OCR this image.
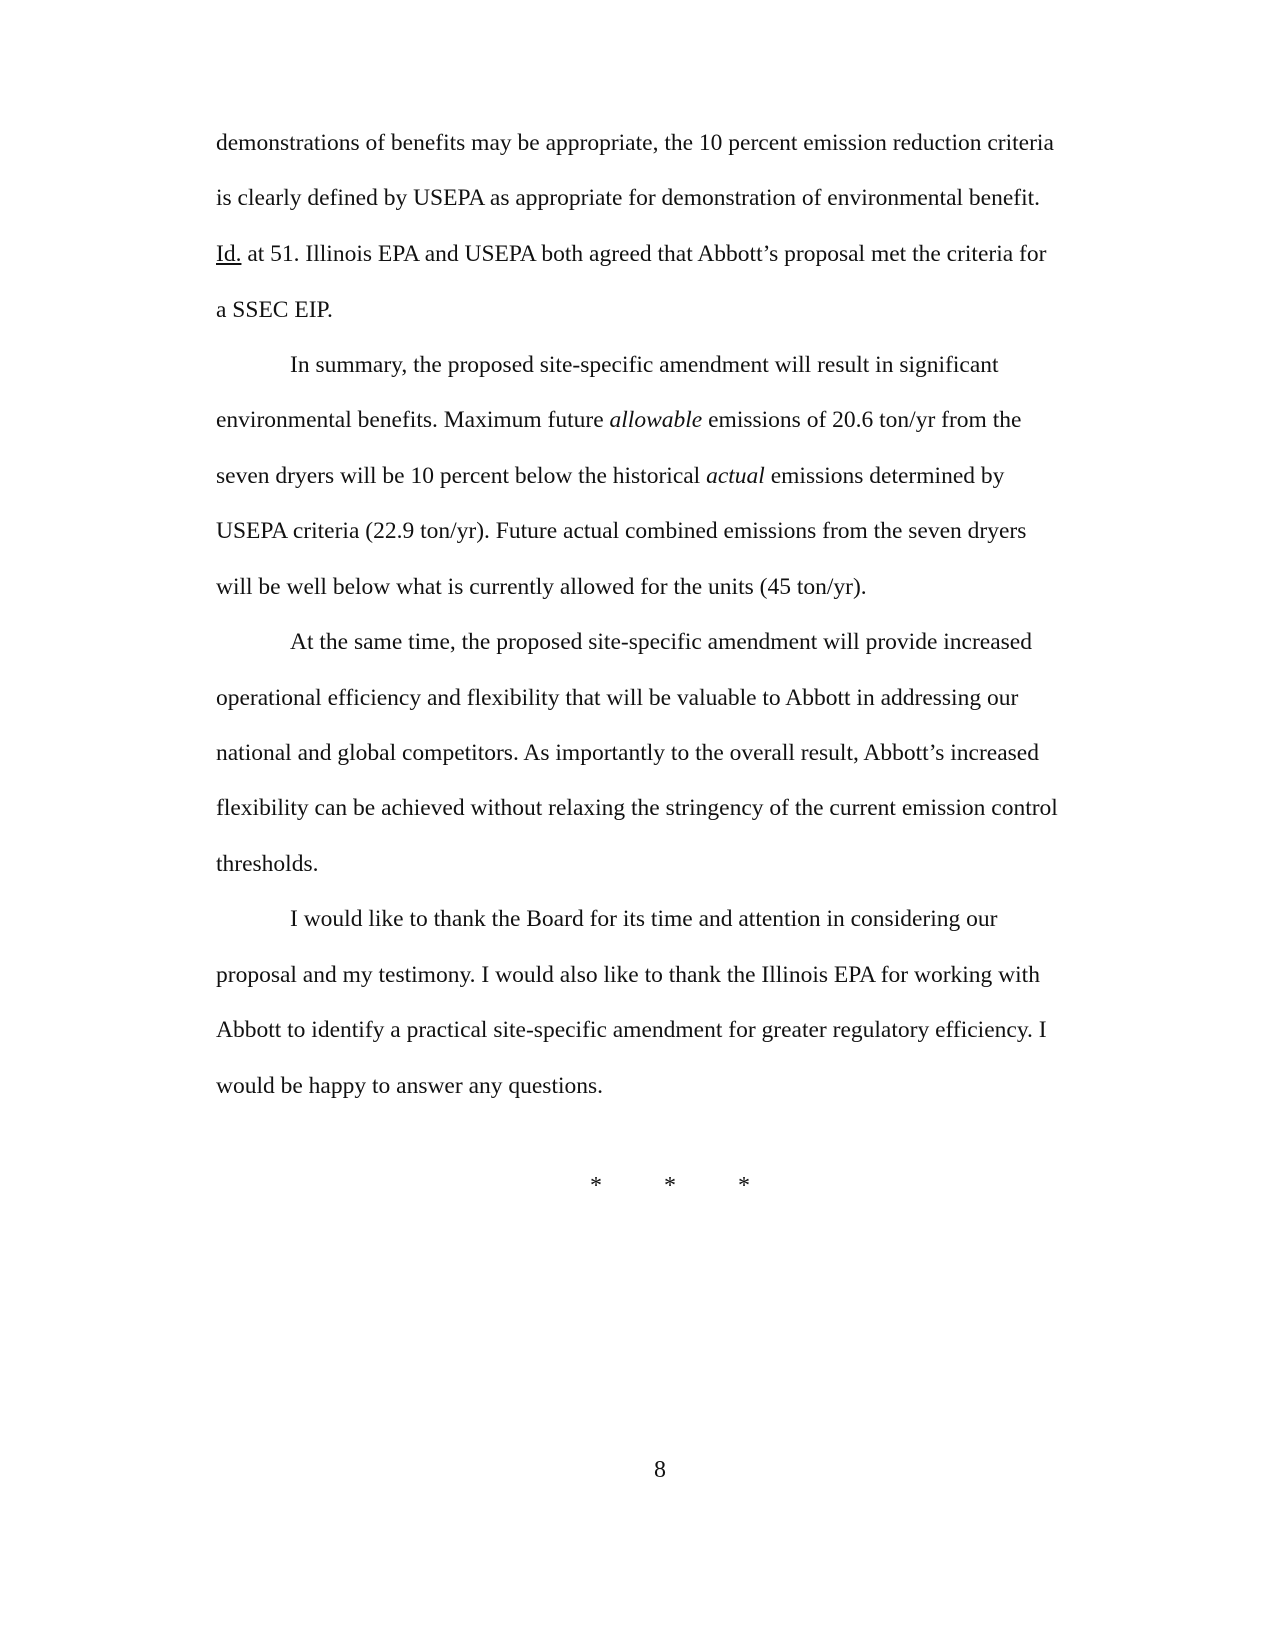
demonstrations of benefits may be appropriate, the 10 percent emission reduction criteria

is clearly defined by USEPA as appropriate for demonstration of environmental benefit.

Id. at 51. Illinois EPA and USEPA both agreed that Abbott’s proposal met the criteria for

a SSEC EIP.

In summary, the proposed site-specific amendment will result in significant

environmental benefits. Maximum future allowable emissions of 20.6 ton/yr from the

seven dryers will be 10 percent below the historical actual emissions determined by

USEPA criteria (22.9 ton/yr). Future actual combined emissions from the seven dryers

will be well below what is currently allowed for the units (45 ton/yr).

At the same time, the proposed site-specific amendment will provide increased

operational efficiency and flexibility that will be valuable to Abbott in addressing our

national and global competitors. As importantly to the overall result, Abbott’s increased

flexibility can be achieved without relaxing the stringency of the current emission control

thresholds.

I would like to thank the Board for its time and attention in considering our

proposal and my testimony. I would also like to thank the Illinois EPA for working with

Abbott to identify a practical site-specific amendment for greater regulatory efficiency. I

would be happy to answer any questions.

*	*	*

8
